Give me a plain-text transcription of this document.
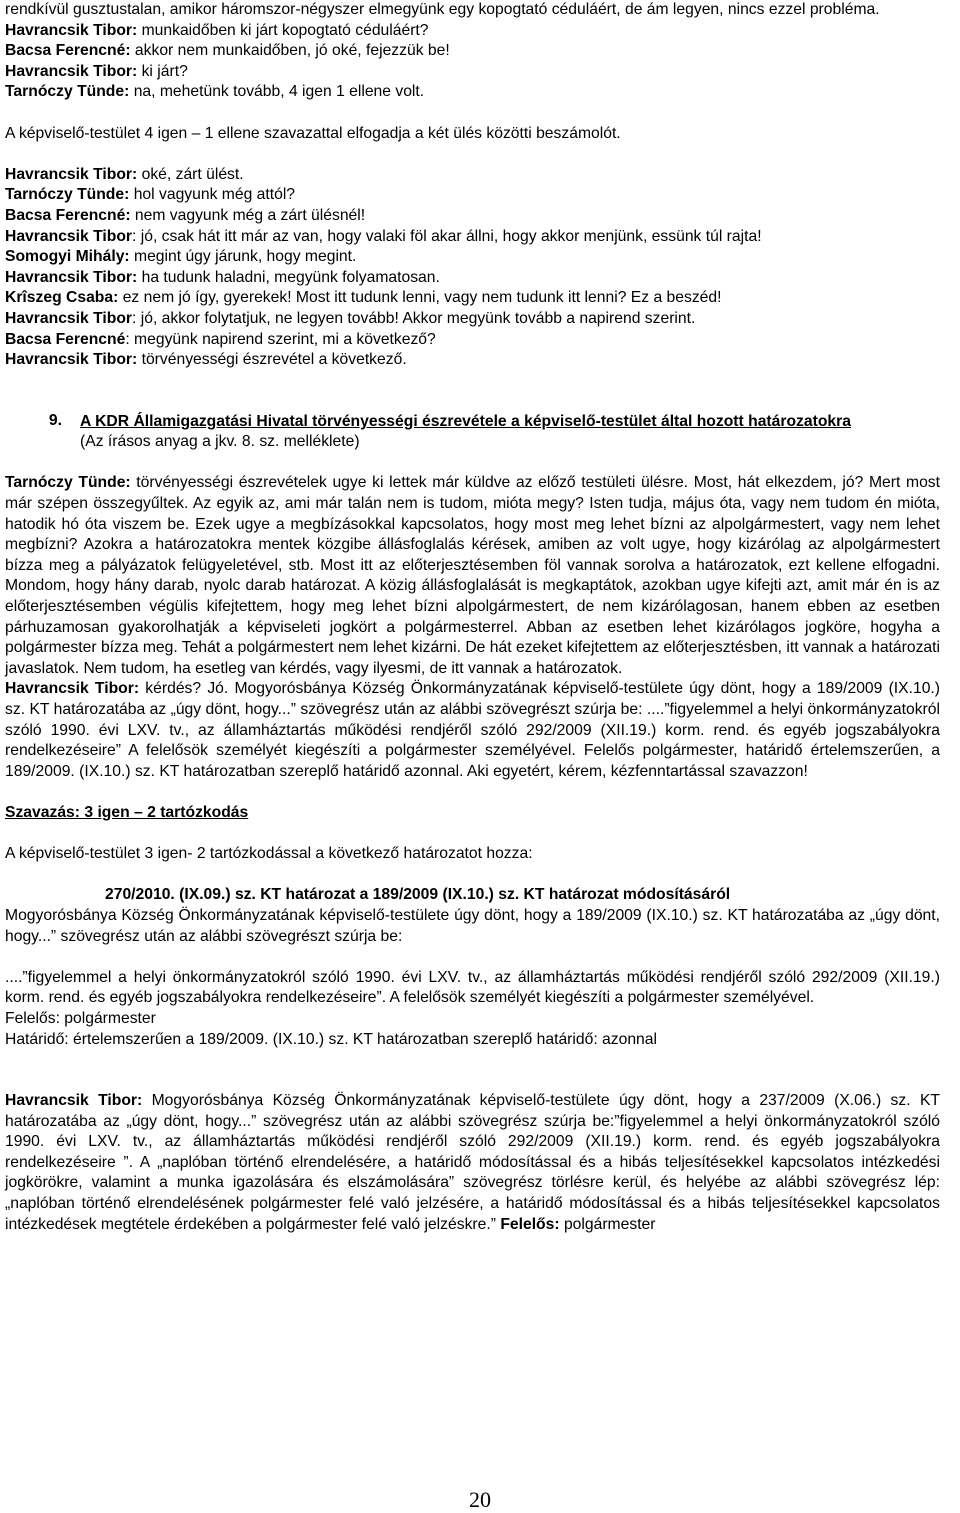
rendkívül gusztustalan, amikor háromszor-négyszer elmegyünk egy kopogtató céduláért, de ám legyen, nincs ezzel probléma.

Havrancsik Tibor: munkaidőben ki járt kopogtató céduláért?

Bacsa Ferencné: akkor nem munkaidőben, jó oké, fejezzük be!

Havrancsik Tibor: ki járt?

Tarnóczy Tünde: na, mehetünk tovább, 4 igen 1 ellene volt.

A képviselő-testület 4 igen – 1 ellene szavazattal elfogadja a két ülés közötti beszámolót.

Havrancsik Tibor: oké, zárt ülést.

Tarnóczy Tünde: hol vagyunk még attól?

Bacsa Ferencné: nem vagyunk még a zárt ülésnél!

Havrancsik Tibor: jó, csak hát itt már az van, hogy valaki föl akar állni, hogy akkor menjünk, essünk túl rajta!

Somogyi Mihály: megint úgy járunk, hogy megint.

Havrancsik Tibor: ha tudunk haladni, megyünk folyamatosan.

Krîszeg Csaba: ez nem jó így, gyerekek! Most itt tudunk lenni, vagy nem tudunk itt lenni? Ez a beszéd!

Havrancsik Tibor: jó, akkor folytatjuk, ne legyen tovább! Akkor megyünk tovább a napirend szerint.

Bacsa Ferencné: megyünk napirend szerint, mi a következő?

Havrancsik Tibor: törvényességi észrevétel a következő.

9.	A KDR Államigazgatási Hivatal törvényességi észrevétele a képviselő-testület által hozott határozatokra

(Az írásos anyag a jkv. 8. sz. melléklete)

Tarnóczy Tünde: törvényességi észrevételek ugye ki lettek már küldve az előző testületi ülésre. Most, hát elkezdem, jó? Mert most már szépen összegyűltek. Az egyik az, ami már talán nem is tudom, mióta megy? Isten tudja, május óta, vagy nem tudom én mióta, hatodik hó óta viszem be. Ezek ugye a megbízásokkal kapcsolatos, hogy most meg lehet bízni az alpolgármestert, vagy nem lehet megbízni? Azokra a határozatokra mentek közgibe állásfoglalás kérések, amiben az volt ugye, hogy kizárólag az alpolgármestert bízza meg a pályázatok felügyeletével, stb. Most itt az előterjesztésemben föl vannak sorolva a határozatok, ezt kellene elfogadni. Mondom, hogy hány darab, nyolc darab határozat. A közig állásfoglalását is megkaptátok, azokban ugye kifejti azt, amit már én is az előterjesztésemben végülis kifejtettem, hogy meg lehet bízni alpolgármestert, de nem kizárólagosan, hanem ebben az esetben párhuzamosan gyakorolhatják a képviseleti jogkört a polgármesterrel. Abban az esetben lehet kizárólagos jogköre, hogyha a polgármester bízza meg. Tehát a polgármestert nem lehet kizárni. De hát ezeket kifejtettem az előterjesztésben, itt vannak a határozati javaslatok. Nem tudom, ha esetleg van kérdés, vagy ilyesmi, de itt vannak a határozatok.

Havrancsik Tibor: kérdés? Jó. Mogyorósbánya Község Önkormányzatának képviselő-testülete úgy dönt, hogy a 189/2009 (IX.10.) sz. KT határozatába az „úgy dönt, hogy...” szövegrész után az alábbi szövegrészt szúrja be: ....”figyelemmel a helyi önkormányzatokról szóló 1990. évi LXV. tv., az államháztartás működési rendjéről szóló 292/2009 (XII.19.) korm. rend. és egyéb jogszabályokra rendelkezéseire” A felelősök személyét kiegészíti a polgármester személyével. Felelős polgármester, határidő értelemszerűen, a 189/2009. (IX.10.) sz. KT határozatban szereplő határidő azonnal. Aki egyetért, kérem, kézfenntartással szavazzon!

Szavazás: 3 igen – 2 tartózkodás

A képviselő-testület 3 igen- 2 tartózkodással a következő határozatot hozza:

270/2010. (IX.09.) sz. KT határozat a 189/2009 (IX.10.) sz. KT határozat módosításáról

Mogyorósbánya Község Önkormányzatának képviselő-testülete úgy dönt, hogy a 189/2009 (IX.10.) sz. KT határozatába az „úgy dönt, hogy...” szövegrész után az alábbi szövegrészt szúrja be:

....”figyelemmel a helyi önkormányzatokról szóló 1990. évi LXV. tv., az államháztartás működési rendjéről szóló 292/2009 (XII.19.) korm. rend. és egyéb jogszabályokra rendelkezéseire”. A felelősök személyét kiegészíti a polgármester személyével.

Felelős: polgármester

Határidő: értelemszerűen a 189/2009. (IX.10.) sz. KT határozatban szereplő határidő: azonnal

Havrancsik Tibor: Mogyorósbánya Község Önkormányzatának képviselő-testülete úgy dönt, hogy a 237/2009 (X.06.) sz. KT határozatába az „úgy dönt, hogy...” szövegrész után az alábbi szövegrész szúrja be:”figyelemmel a helyi önkormányzatokról szóló 1990. évi LXV. tv., az államháztartás működési rendjéről szóló 292/2009 (XII.19.) korm. rend. és egyéb jogszabályokra rendelkezéseire ”. A „naplóban történő elrendelésére, a határidő módosítással és a hibás teljesítésekkel kapcsolatos intézkedési jogkörökre, valamint a munka igazolására és elszámolására” szövegrész törlésre kerül, és helyébe az alábbi szövegrész lép: „naplóban történő elrendelésének polgármester felé való jelzésére, a határidő módosítással és a hibás teljesítésekkel kapcsolatos intézkedések megtétele érdekében a polgármester felé való jelzéskre.” Felelős: polgármester

20
